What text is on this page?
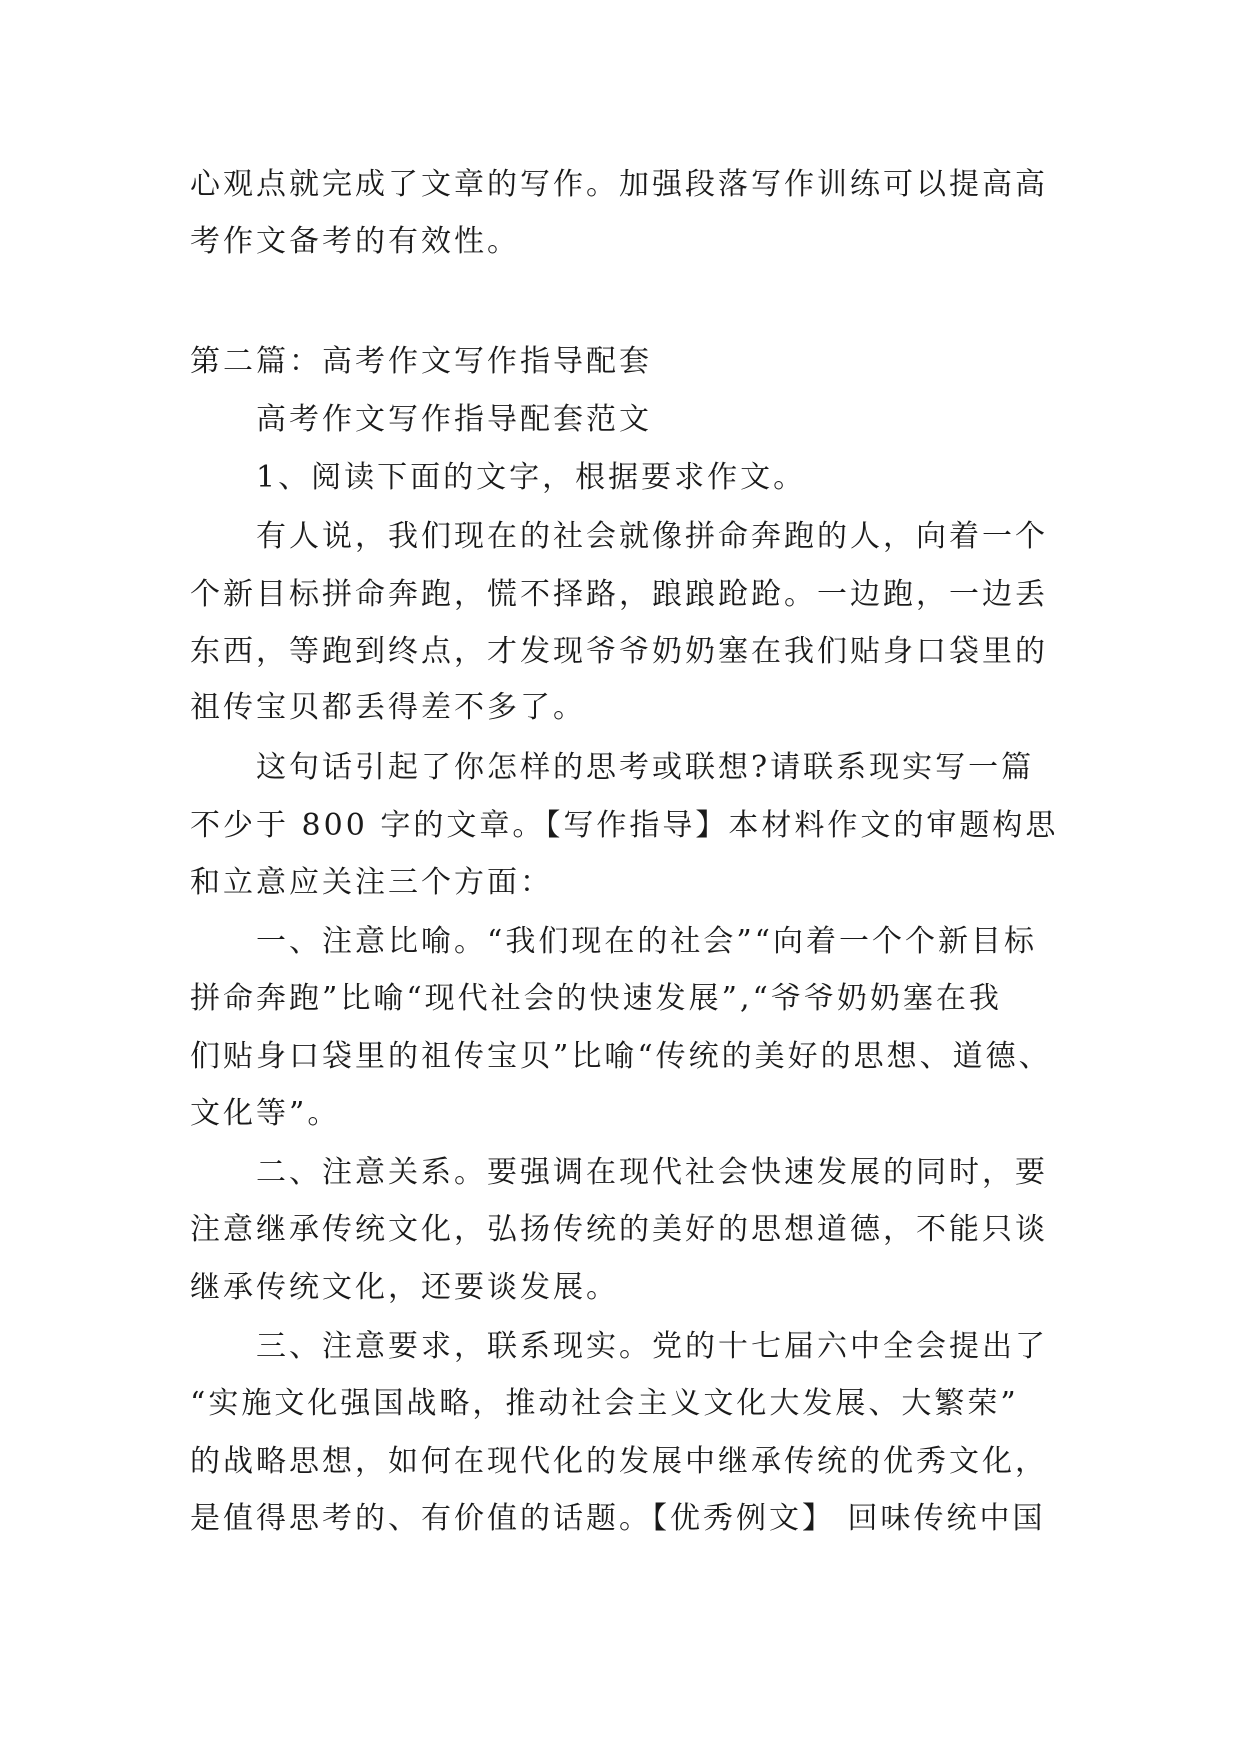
心观点就完成了文章的写作。加强段落写作训练可以提高高
考作文备考的有效性。
第二篇：高考作文写作指导配套
高考作文写作指导配套范文
1、阅读下面的文字，根据要求作文。
有人说，我们现在的社会就像拼命奔跑的人，向着一个
个新目标拼命奔跑，慌不择路，踉踉跄跄。一边跑，一边丢
东西，等跑到终点，才发现爷爷奶奶塞在我们贴身口袋里的
祖传宝贝都丢得差不多了。
这句话引起了你怎样的思考或联想?请联系现实写一篇
不少于 800 字的文章。【写作指导】本材料作文的审题构思
和立意应关注三个方面：
一、注意比喻。“我们现在的社会”“向着一个个新目标
拼命奔跑”比喻“现代社会的快速发展”,“爷爷奶奶塞在我
们贴身口袋里的祖传宝贝”比喻“传统的美好的思想、道德、
文化等”。
二、注意关系。要强调在现代社会快速发展的同时，要
注意继承传统文化，弘扬传统的美好的思想道德，不能只谈
继承传统文化，还要谈发展。
三、注意要求，联系现实。党的十七届六中全会提出了
“实施文化强国战略，推动社会主义文化大发展、大繁荣”
的战略思想，如何在现代化的发展中继承传统的优秀文化，
是值得思考的、有价值的话题。【优秀例文】 回味传统中国
